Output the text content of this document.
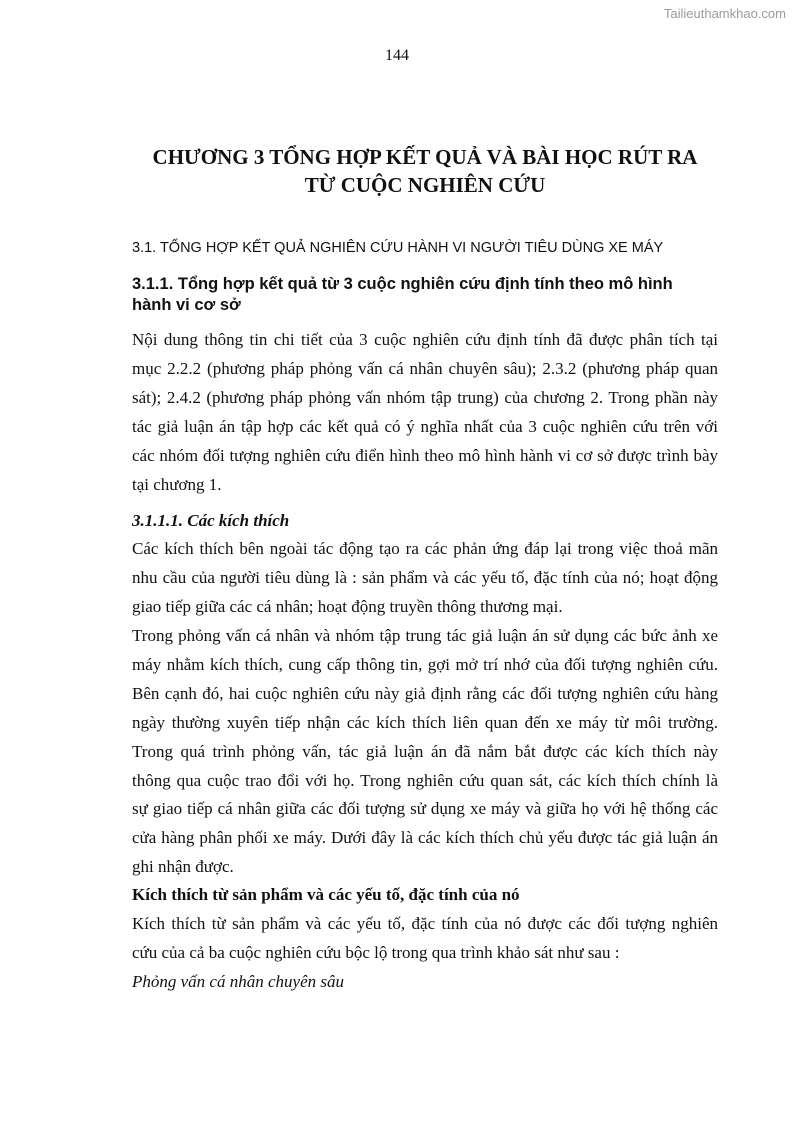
Tailieuthamkhao.com
144
CHƯƠNG 3 TỔNG HỢP KẾT QUẢ VÀ BÀI HỌC RÚT RA
TỪ CUỘC NGHIÊN CỨU
3.1. TỔNG HỢP KẾT QUẢ NGHIÊN CỨU HÀNH VI NGƯỜI TIÊU DÙNG XE MÁY
3.1.1. Tổng hợp kết quả từ 3 cuộc nghiên cứu định tính theo mô hình
hành vi cơ sở
Nội dung thông tin chi tiết của 3 cuộc nghiên cứu định tính đã được phân tích tại
mục 2.2.2 (phương pháp phỏng vấn cá nhân chuyên sâu); 2.3.2 (phương pháp quan
sát); 2.4.2 (phương pháp phỏng vấn nhóm tập trung) của chương 2. Trong phần này
tác giả luận án tập hợp các kết quả có ý nghĩa nhất của 3 cuộc nghiên cứu trên với
các nhóm đối tượng nghiên cứu điển hình theo mô hình hành vi cơ sở được trình bày
tại chương 1.
3.1.1.1. Các kích thích
Các kích thích bên ngoài tác động tạo ra các phản ứng đáp lại trong việc thoả mãn
nhu cầu của người tiêu dùng là : sản phẩm và các yếu tố, đặc tính của nó; hoạt động
giao tiếp giữa các cá nhân; hoạt động truyền thông thương mại.
Trong phỏng vấn cá nhân và nhóm tập trung tác giả luận án sử dụng các bức ảnh xe
máy nhằm kích thích, cung cấp thông tin, gợi mở trí nhớ của đối tượng nghiên cứu.
Bên cạnh đó, hai cuộc nghiên cứu này giả định rằng các đối tượng nghiên cứu hàng
ngày thường xuyên tiếp nhận các kích thích liên quan đến xe máy từ môi trường.
Trong quá trình phỏng vấn, tác giả luận án đã nắm bắt được các kích thích này
thông qua cuộc trao đổi với họ. Trong nghiên cứu quan sát, các kích thích chính là
sự giao tiếp cá nhân giữa các đối tượng sử dụng xe máy và giữa họ với hệ thống các
cửa hàng phân phối xe máy. Dưới đây là các kích thích chủ yếu được tác giả luận án
ghi nhận được.
Kích thích từ sản phẩm và các yếu tố, đặc tính của nó
Kích thích từ sản phẩm và các yếu tố, đặc tính của nó được các đối tượng nghiên
cứu của cả ba cuộc nghiên cứu bộc lộ trong qua trình khảo sát như sau :
Phỏng vấn cá nhân chuyên sâu
